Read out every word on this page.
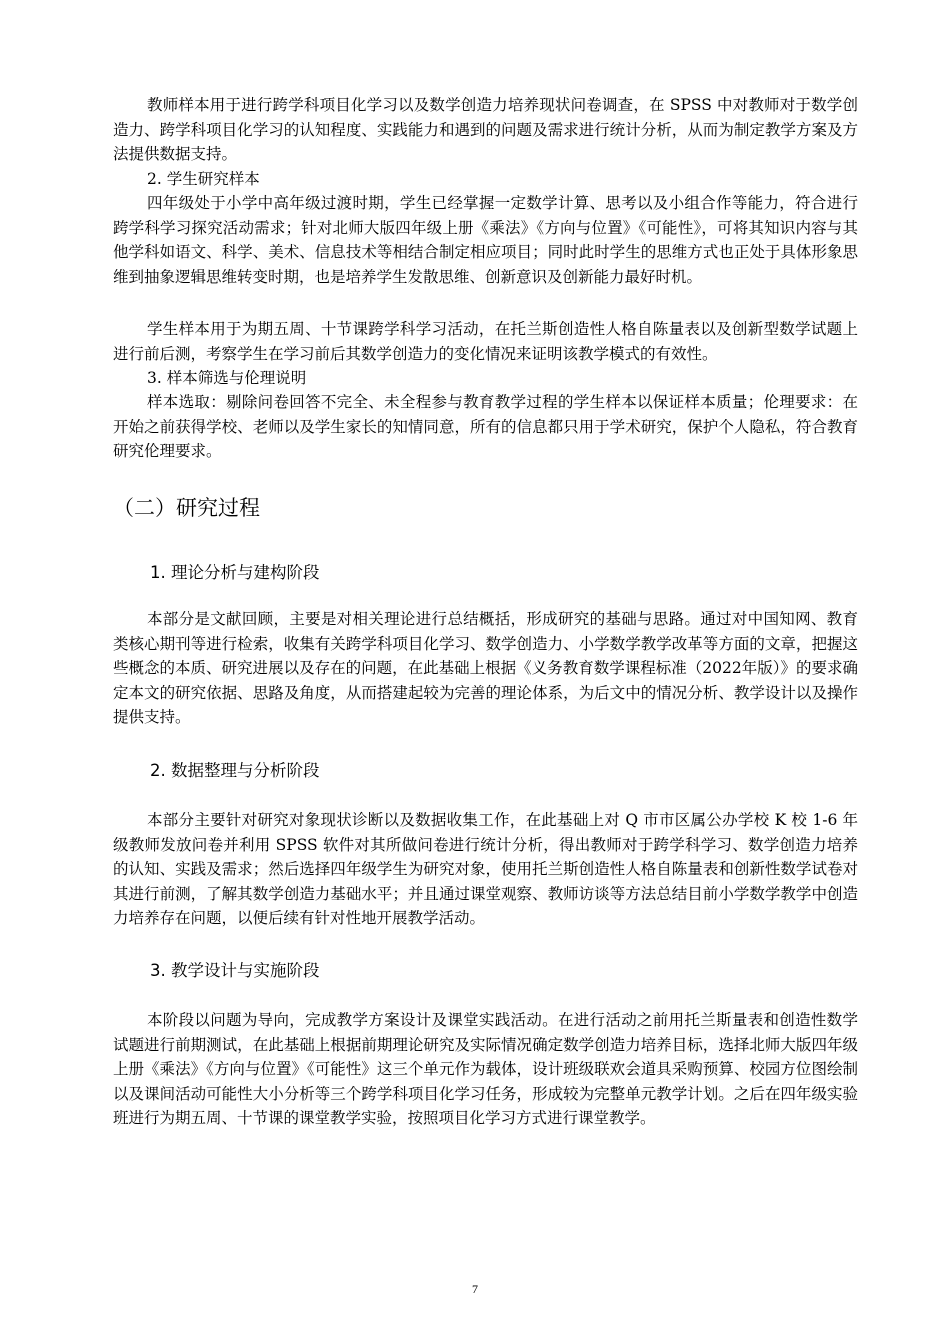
教师样本用于进行跨学科项目化学习以及数学创造力培养现状问卷调查，在 SPSS 中对教师对于数学创造力、跨学科项目化学习的认知程度、实践能力和遇到的问题及需求进行统计分析，从而为制定教学方案及方法提供数据支持。

2. 学生研究样本

四年级处于小学中高年级过渡时期，学生已经掌握一定数学计算、思考以及小组合作等能力，符合进行跨学科学习探究活动需求；针对北师大版四年级上册《乘法》《方向与位置》《可能性》，可将其知识内容与其他学科如语文、科学、美术、信息技术等相结合制定相应项目；同时此时学生的思维方式也正处于具体形象思维到抽象逻辑思维转变时期，也是培养学生发散思维、创新意识及创新能力最好时机。

学生样本用于为期五周、十节课跨学科学习活动，在托兰斯创造性人格自陈量表以及创新型数学试题上进行前后测，考察学生在学习前后其数学创造力的变化情况来证明该教学模式的有效性。

3. 样本筛选与伦理说明

样本选取：剔除问卷回答不完全、未全程参与教育教学过程的学生样本以保证样本质量；伦理要求：在开始之前获得学校、老师以及学生家长的知情同意，所有的信息都只用于学术研究，保护个人隐私，符合教育研究伦理要求。

（二）研究过程
1. 理论分析与建构阶段

本部分是文献回顾，主要是对相关理论进行总结概括，形成研究的基础与思路。通过对中国知网、教育类核心期刊等进行检索，收集有关跨学科项目化学习、数学创造力、小学数学教学改革等方面的文章，把握这些概念的本质、研究进展以及存在的问题，在此基础上根据《义务教育数学课程标准（2022年版）》的要求确定本文的研究依据、思路及角度，从而搭建起较为完善的理论体系，为后文中的情况分析、教学设计以及操作提供支持。

2. 数据整理与分析阶段

本部分主要针对研究对象现状诊断以及数据收集工作，在此基础上对 Q 市市区属公办学校 K 校 1-6 年级教师发放问卷并利用 SPSS 软件对其所做问卷进行统计分析，得出教师对于跨学科学习、数学创造力培养的认知、实践及需求；然后选择四年级学生为研究对象，使用托兰斯创造性人格自陈量表和创新性数学试卷对其进行前测，了解其数学创造力基础水平；并且通过课堂观察、教师访谈等方法总结目前小学数学教学中创造力培养存在问题，以便后续有针对性地开展教学活动。

3. 教学设计与实施阶段

本阶段以问题为导向，完成教学方案设计及课堂实践活动。在进行活动之前用托兰斯量表和创造性数学试题进行前期测试，在此基础上根据前期理论研究及实际情况确定数学创造力培养目标，选择北师大版四年级上册《乘法》《方向与位置》《可能性》这三个单元作为载体，设计班级联欢会道具采购预算、校园方位图绘制以及课间活动可能性大小分析等三个跨学科项目化学习任务，形成较为完整单元教学计划。之后在四年级实验班进行为期五周、十节课的课堂教学实验，按照项目化学习方式进行课堂教学。

7
